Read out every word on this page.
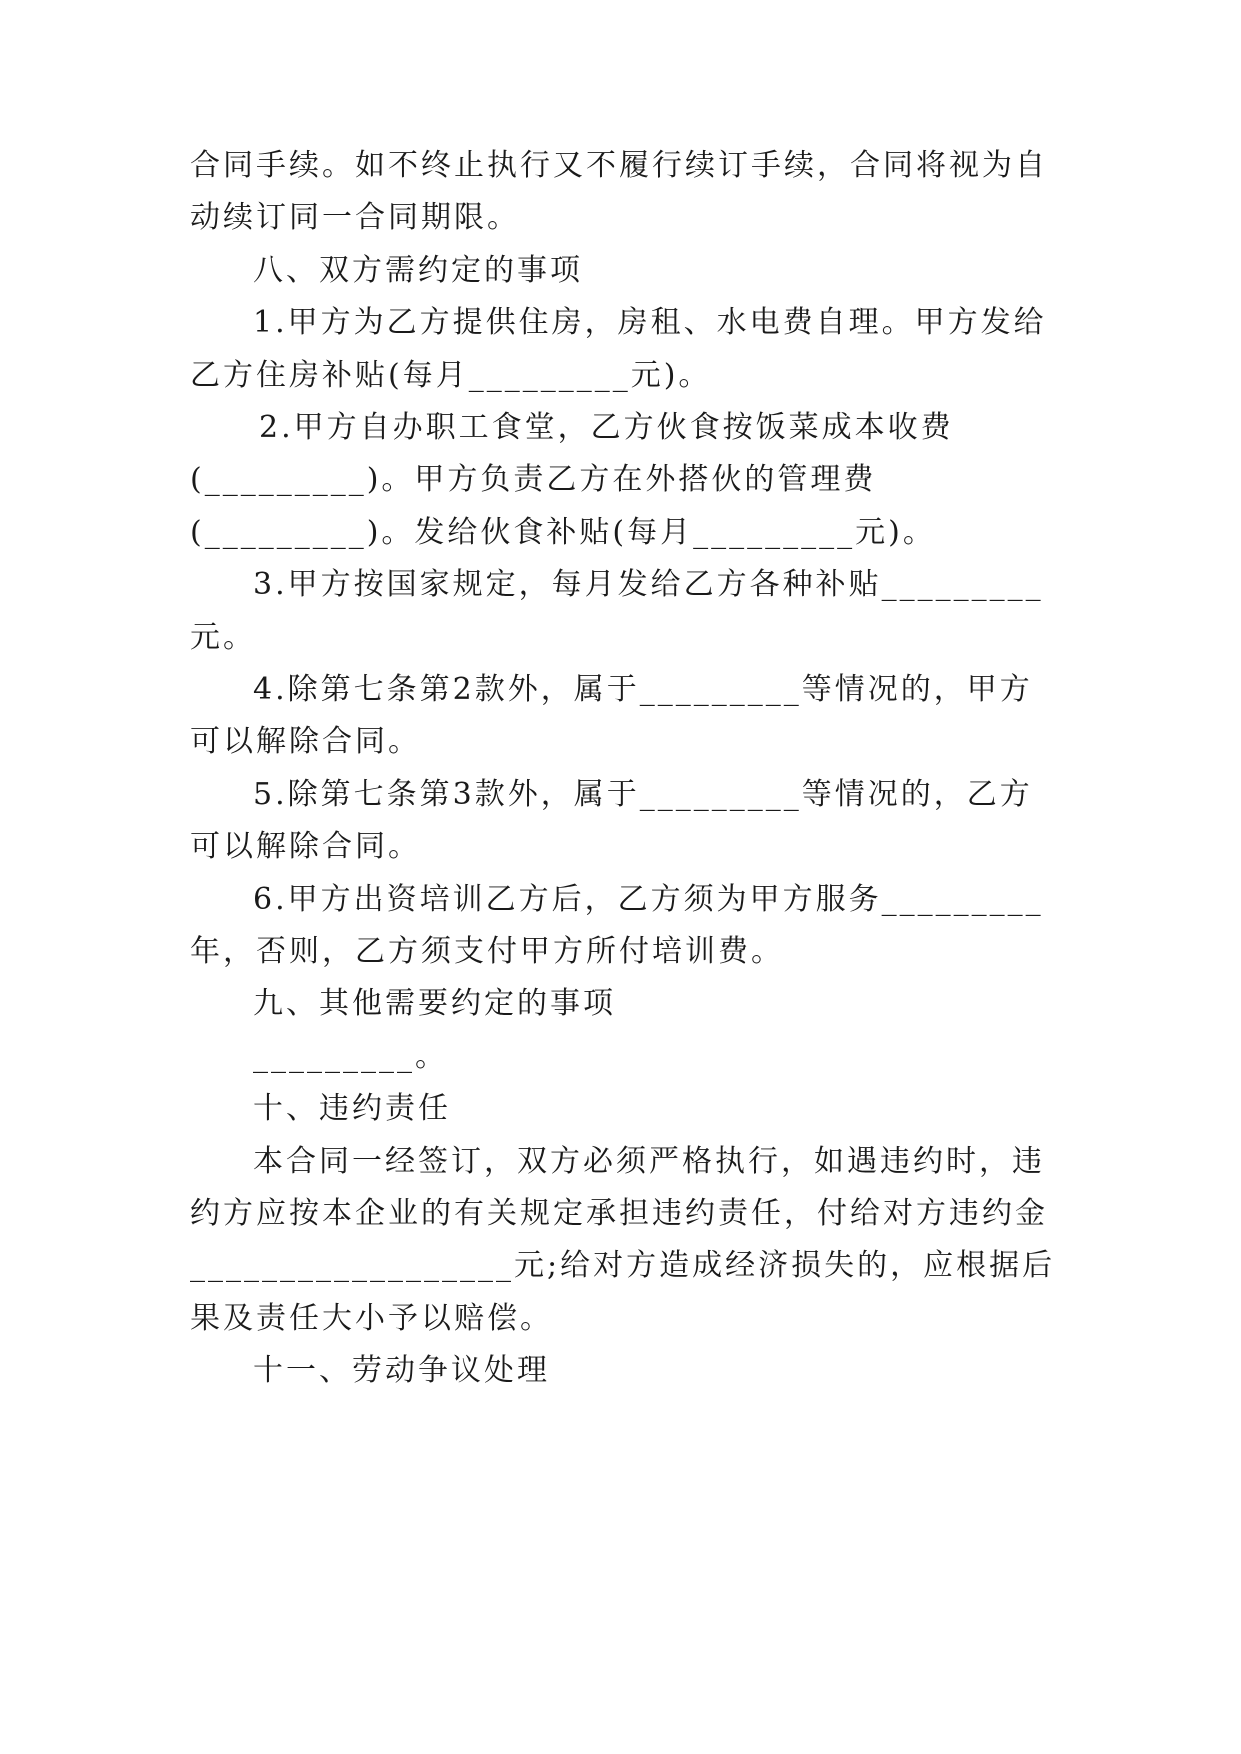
合同手续。如不终止执行又不履行续订手续，合同将视为自
动续订同一合同期限。
八、双方需约定的事项
1.甲方为乙方提供住房，房租、水电费自理。甲方发给
乙方住房补贴(每月_________元)。
2.甲方自办职工食堂，乙方伙食按饭菜成本收费
(_________)。甲方负责乙方在外搭伙的管理费
(_________)。发给伙食补贴(每月_________元)。
3.甲方按国家规定，每月发给乙方各种补贴_________
元。
4.除第七条第2款外，属于_________等情况的，甲方
可以解除合同。
5.除第七条第3款外，属于_________等情况的，乙方
可以解除合同。
6.甲方出资培训乙方后，乙方须为甲方服务_________
年，否则，乙方须支付甲方所付培训费。
九、其他需要约定的事项
_________。
十、违约责任
本合同一经签订，双方必须严格执行，如遇违约时，违
约方应按本企业的有关规定承担违约责任，付给对方违约金
__________________元;给对方造成经济损失的，应根据后
果及责任大小予以赔偿。
十一、劳动争议处理
